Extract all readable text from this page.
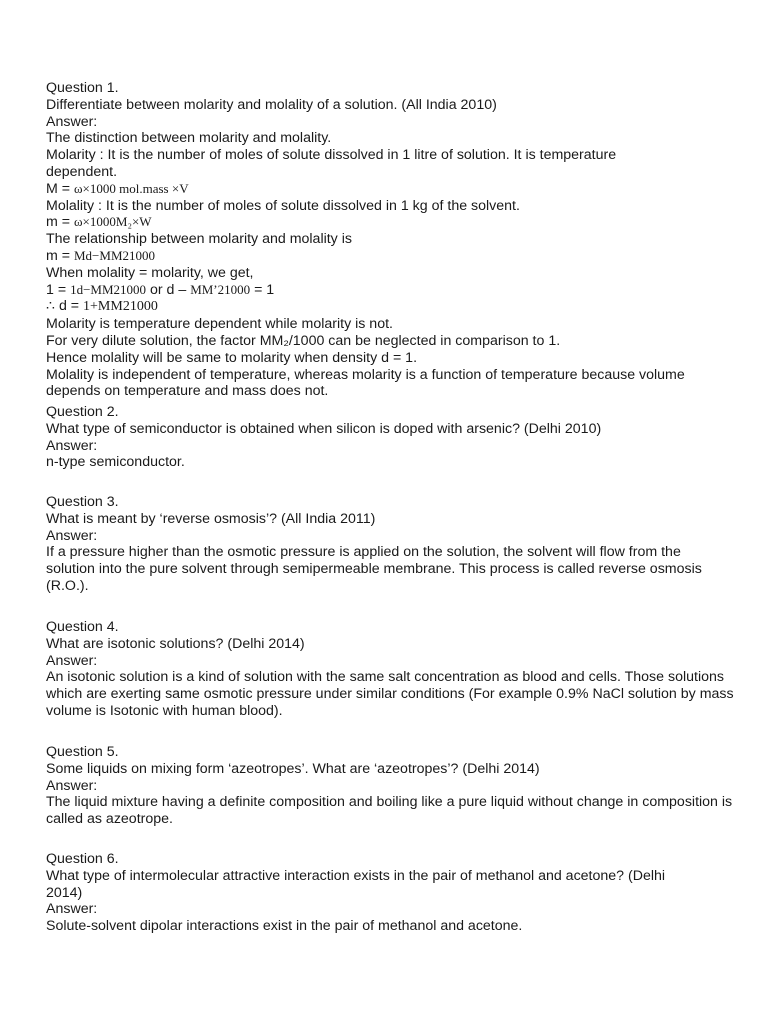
Question 1.
Differentiate between molarity and molality of a solution. (All India 2010)
Answer:
The distinction between molarity and molality.
Molarity : It is the number of moles of solute dissolved in 1 litre of solution. It is temperature dependent.
M = ω×1000 mol.mass ×V
Molality : It is the number of moles of solute dissolved in 1 kg of the solvent.
m = ω×1000M₂×W
The relationship between molarity and molality is
m = Md−MM21000
When molality = molarity, we get,
1 = 1d−MM21000 or d – MM’21000 = 1
∴ d = 1+MM21000
Molarity is temperature dependent while molarity is not.
For very dilute solution, the factor MM₂/1000 can be neglected in comparison to 1.
Hence molality will be same to molarity when density d = 1.
Molality is independent of temperature, whereas molarity is a function of temperature because volume depends on temperature and mass does not.
Question 2.
What type of semiconductor is obtained when silicon is doped with arsenic? (Delhi 2010)
Answer:
n-type semiconductor.
Question 3.
What is meant by ‘reverse osmosis’? (All India 2011)
Answer:
If a pressure higher than the osmotic pressure is applied on the solution, the solvent will flow from the solution into the pure solvent through semipermeable membrane. This process is called reverse osmosis (R.O.).
Question 4.
What are isotonic solutions? (Delhi 2014)
Answer:
An isotonic solution is a kind of solution with the same salt concentration as blood and cells. Those solutions which are exerting same osmotic pressure under similar conditions (For example 0.9% NaCl solution by mass volume is Isotonic with human blood).
Question 5.
Some liquids on mixing form ‘azeotropes’. What are ‘azeotropes’? (Delhi 2014)
Answer:
The liquid mixture having a definite composition and boiling like a pure liquid without change in composition is called as azeotrope.
Question 6.
What type of intermolecular attractive interaction exists in the pair of methanol and acetone? (Delhi 2014)
Answer:
Solute-solvent dipolar interactions exist in the pair of methanol and acetone.
